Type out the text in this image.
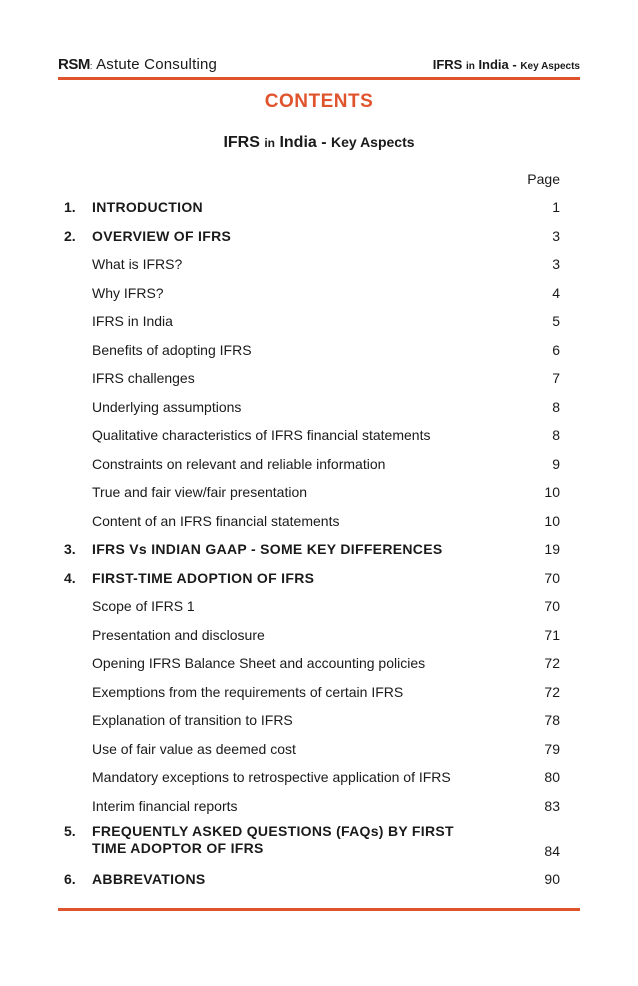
RSM: Astute Consulting	IFRS in India - Key Aspects
CONTENTS
IFRS in India - Key Aspects
Page
1. INTRODUCTION	1
2. OVERVIEW OF IFRS	3
What is IFRS?	3
Why IFRS?	4
IFRS in India	5
Benefits of adopting IFRS	6
IFRS challenges	7
Underlying assumptions	8
Qualitative characteristics of IFRS financial statements	8
Constraints on relevant and reliable information	9
True and fair view/fair presentation	10
Content of an IFRS financial statements	10
3. IFRS Vs INDIAN GAAP - SOME KEY DIFFERENCES	19
4. FIRST-TIME ADOPTION OF IFRS	70
Scope of IFRS 1	70
Presentation and disclosure	71
Opening IFRS Balance Sheet and accounting policies	72
Exemptions from the requirements of certain IFRS	72
Explanation of transition to IFRS	78
Use of fair value as deemed cost	79
Mandatory exceptions to retrospective application of IFRS	80
Interim financial reports	83
5. FREQUENTLY ASKED QUESTIONS (FAQs) BY FIRST
TIME ADOPTOR OF IFRS	84
6. ABBREVATIONS	90
